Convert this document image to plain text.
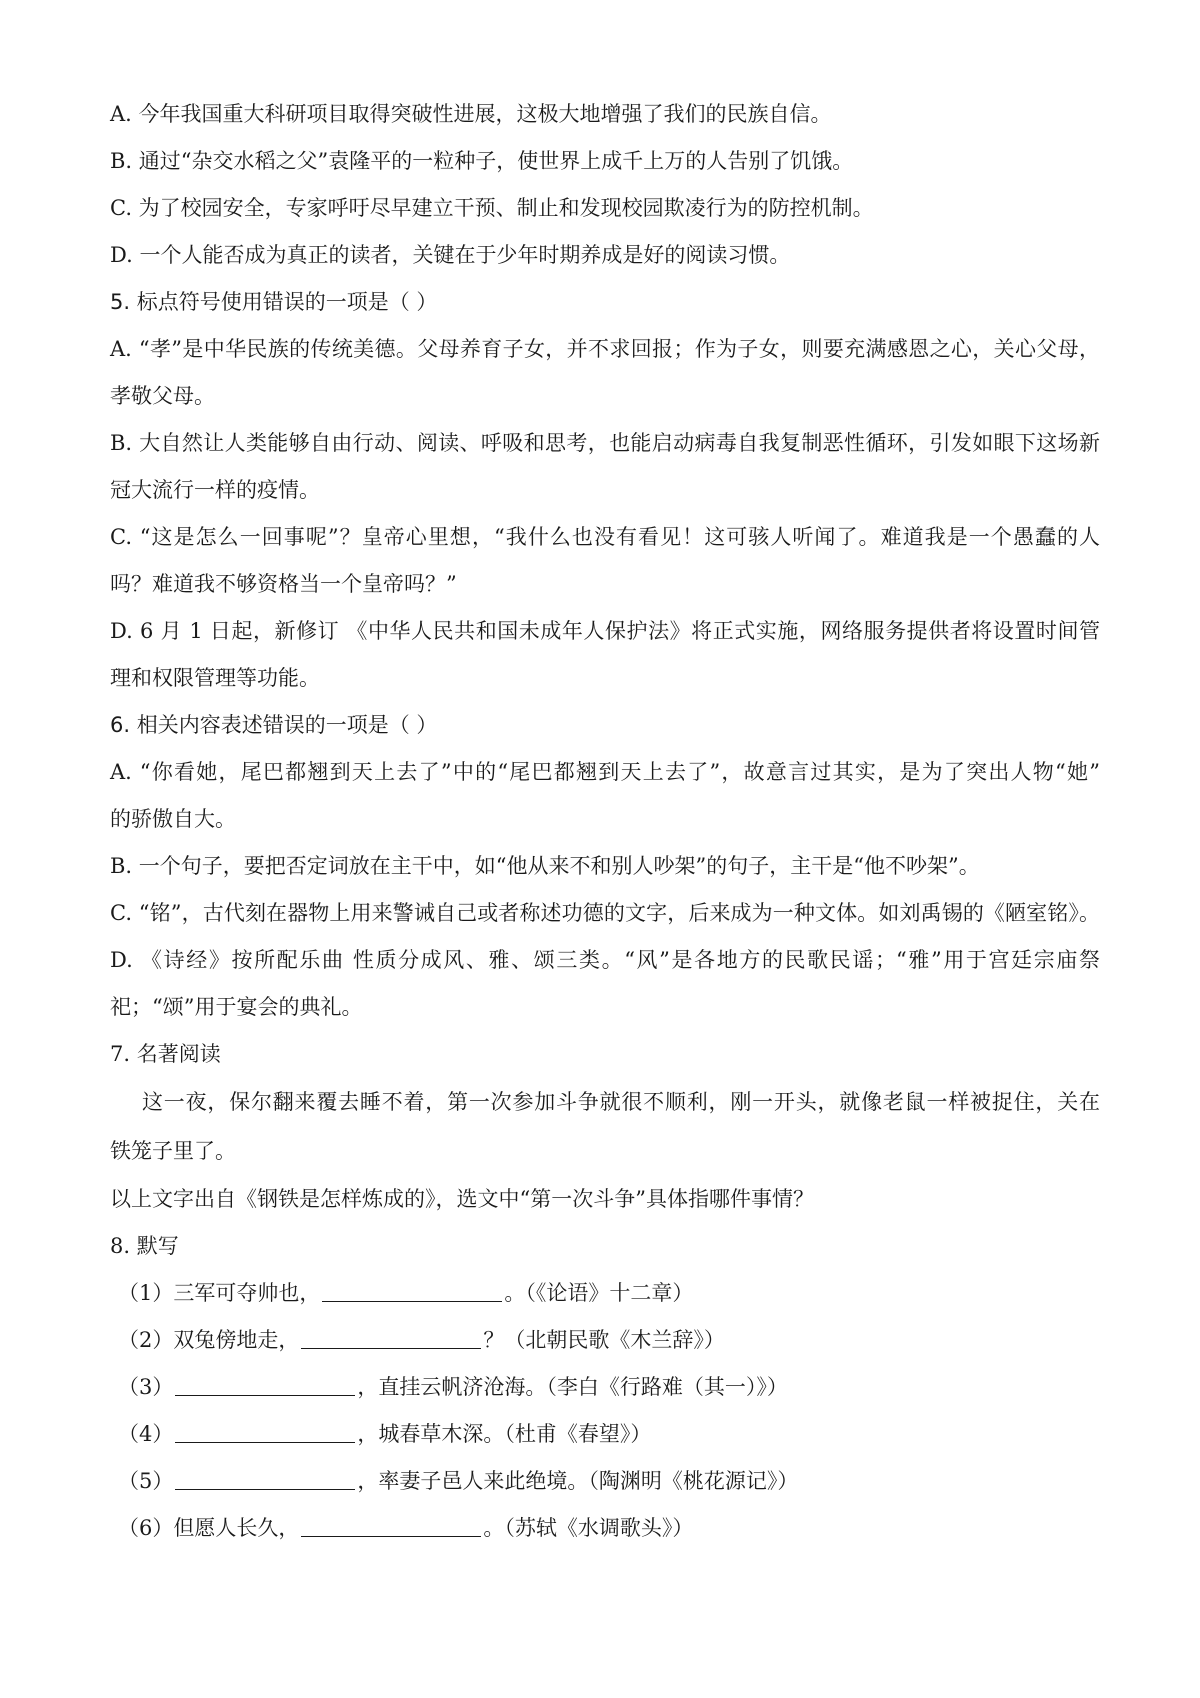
A. 今年我国重大科研项目取得突破性进展，这极大地增强了我们的民族自信。
B. 通过“杂交水稻之父”袁隆平的一粒种子，使世界上成千上万的人告别了饥饿。
C. 为了校园安全，专家呼吁尽早建立干预、制止和发现校园欺凌行为的防控机制。
D. 一个人能否成为真正的读者，关键在于少年时期养成是好的阅读习惯。
5. 标点符号使用错误的一项是（ ）
A. “孝”是中华民族的传统美德。父母养育子女，并不求回报；作为子女，则要充满感恩之心，关心父母，
孝敬父母。
B. 大自然让人类能够自由行动、阅读、呼吸和思考，也能启动病毒自我复制恶性循环，引发如眼下这场新
冠大流行一样的疫情。
C. “这是怎么一回事呢”？皇帝心里想，“我什么也没有看见！这可骇人听闻了。难道我是一个愚蠢的人
吗？难道我不够资格当一个皇帝吗？”
D. 6 月 1 日起，新修订 《中华人民共和国未成年人保护法》将正式实施，网络服务提供者将设置时间管
理和权限管理等功能。
6. 相关内容表述错误的一项是（ ）
A. “你看她，尾巴都翘到天上去了”中的“尾巴都翘到天上去了”，故意言过其实，是为了突出人物“她”
的骄傲自大。
B. 一个句子，要把否定词放在主干中，如“他从来不和别人吵架”的句子，主干是“他不吵架”。
C. “铭”，古代刻在器物上用来警诫自己或者称述功德的文字，后来成为一种文体。如刘禹锡的《陋室铭》。
D. 《诗经》按所配乐曲 性质分成风、雅、颂三类。“风”是各地方的民歌民谣；“雅”用于宫廷宗庙祭
祀；“颂”用于宴会的典礼。
7. 名著阅读
这一夜，保尔翻来覆去睡不着，第一次参加斗争就很不顺利，刚一开头，就像老鼠一样被捉住，关在
铁笼子里了。
以上文字出自《钢铁是怎样炼成的》，选文中“第一次斗争”具体指哪件事情？
8. 默写
（1）三军可夺帅也，	。（《论语》十二章）
（2）双兔傍地走，	？（北朝民歌《木兰辞》）
（3）	，直挂云帆济沧海。（李白《行路难（其一）》）
（4）	，城春草木深。（杜甫《春望》）
（5）	，率妻子邑人来此绝境。（陶渊明《桃花源记》）
（6）但愿人长久，	。（苏轼《水调歌头》）
